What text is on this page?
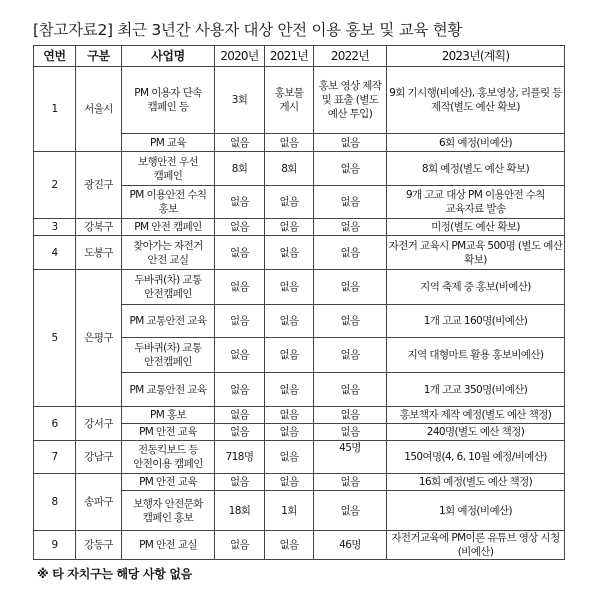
[참고자료2] 최근 3년간 사용자 대상 안전 이용 홍보 및 교육 현황
연번	구분	사업명	2020년	2021년	2022년	2023년(계획)
1	서울시	PM 이용자 단속 캠페인 등	3회	홍보물 게시	홍보 영상 제작 및 표출 (별도 예산 투입)	9회 기시행(비예산), 홍보영상, 리플릿 등 제작(별도 예산 확보)
		PM 교육	없음	없음	없음	6회 예정(비예산)
2	광진구	보행안전 우선 캠페인	8회	8회	없음	8회 예정(별도 예산 확보)
		PM 이용안전 수칙 홍보	없음	없음	없음	9개 고교 대상 PM 이용안전 수칙 교육자료 발송
3	강북구	PM 안전 캠페인	없음	없음	없음	미정(별도 예산 확보)
4	도봉구	찾아가는 자전거 안전 교실	없음	없음	없음	자전거 교육시 PM교육 500명 (별도 예산 확보)
5	은평구	두바퀴(차) 교통 안전캠페인	없음	없음	없음	지역 축제 중 홍보(비예산)
		PM 교통안전 교육	없음	없음	없음	1개 고교 160명(비예산)
		두바퀴(차) 교통 안전캠페인	없음	없음	없음	지역 대형마트 활용 홍보비예산)
		PM 교통안전 교육	없음	없음	없음	1개 고교 350명(비예산)
6	강서구	PM 홍보	없음	없음	없음	홍보책자 제작 예정(별도 예산 책정)
		PM 안전 교육	없음	없음	없음	240명(별도 예산 책정)
7	강남구	전동킥보드 등 안전이용 캠페인	718명	없음	45명	150여명(4, 6, 10월 예정/비예산)
8	송파구	PM 안전 교육	없음	없음	없음	16회 예정(별도 예산 책정)
		보행자 안전문화 캠페인 홍보	18회	1회	없음	1회 예정(비예산)
9	강동구	PM 안전 교실	없음	없음	46명	자전거교육에 PM이론 유튜브 영상 시청(비예산)
※ 타 자치구는 해당 사항 없음
